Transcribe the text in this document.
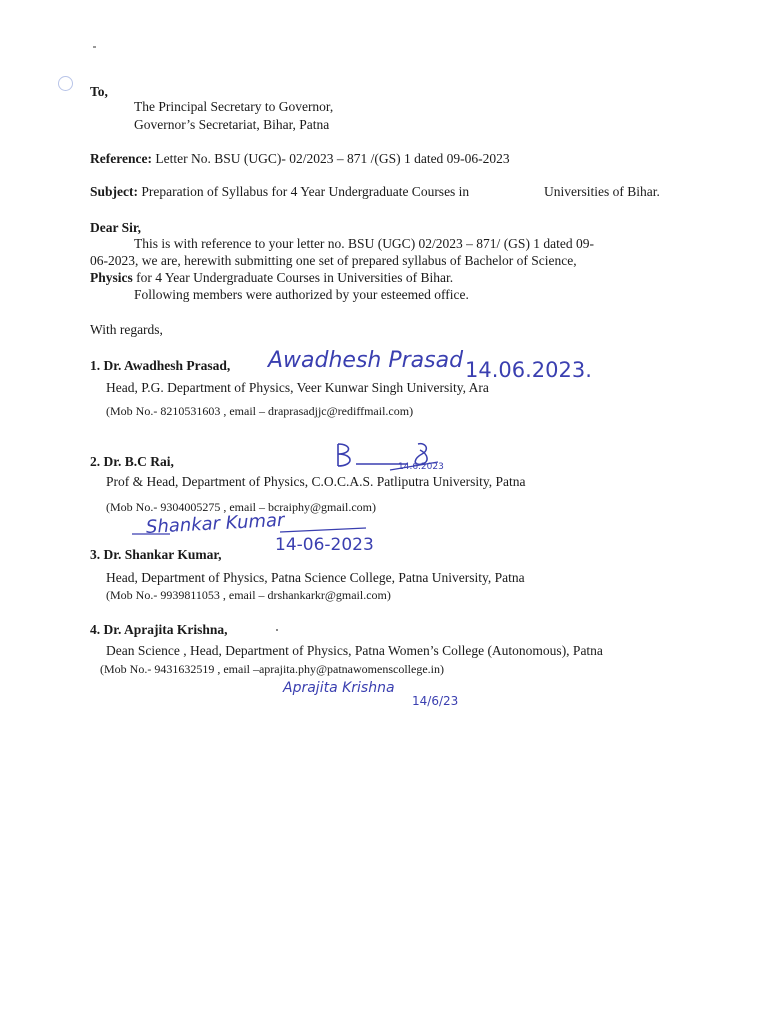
To,
The Principal Secretary to Governor,
Governor’s Secretariat, Bihar, Patna
Reference: Letter No. BSU (UGC)- 02/2023 – 871 /(GS) 1 dated 09-06-2023
Subject: Preparation of Syllabus for 4 Year Undergraduate Courses in	Universities of Bihar.
Dear Sir,
This is with reference to your letter no. BSU (UGC) 02/2023 – 871/ (GS) 1 dated 09-
06-2023, we are, herewith submitting one set of prepared syllabus of Bachelor of Science,
Physics for 4 Year Undergraduate Courses in Universities of Bihar.
Following members were authorized by your esteemed office.
With regards,
1. Dr. Awadhesh Prasad, Awadhesh Prasad 14.06.2023.
Head, P.G. Department of Physics, Veer Kunwar Singh University, Ara
(Mob No.- 8210531603 , email – draprasadjjc@rediffmail.com)
2. Dr. B.C Rai,	14.6.2023
Prof & Head, Department of Physics, C.O.C.A.S. Patliputra University, Patna
(Mob No.- 9304005275 , email – bcraiphy@gmail.com)
Shankar Kumar
14-06-2023
3. Dr. Shankar Kumar,
Head, Department of Physics, Patna Science College, Patna University, Patna
(Mob No.- 9939811053 , email – drshankarkr@gmail.com)
4. Dr. Aprajita Krishna,
Dean Science , Head, Department of Physics, Patna Women’s College (Autonomous), Patna
(Mob No.- 9431632519 , email –aprajita.phy@patnawomenscollege.in)
Aprajita Krishna
14/6/23
